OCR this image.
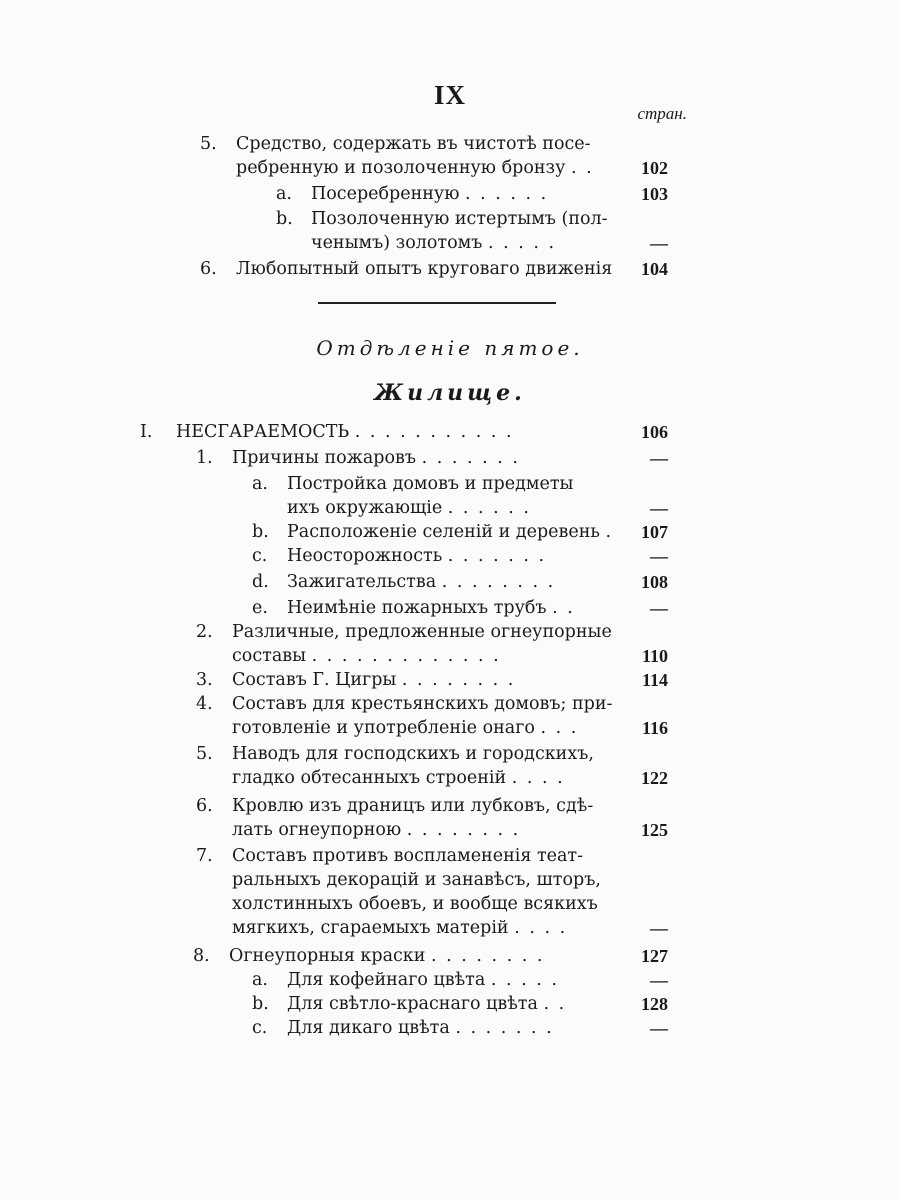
IX
стран.
5. Средство, содержать въ чистотѣ посе-
ребренную и позолоченную бронзу . .	102
a. Посеребренную . . . . . .	103
b. Позолоченную истертымъ (пол-
ченымъ) золотомъ . . . . .	—
6. Любопытный опытъ круговаго движенія 104
Отдѣленіе пятое.
Жилище.
I. НЕСГАРАЕМОСТЬ . . . . . . . . . . .	106
1. Причины пожаровъ . . . . . . .	—
a. Постройка домовъ и предметы
ихъ окружающіе . . . . . .	—
b. Расположеніе селеній и деревень . 107
c. Неосторожность . . . . . . .	—
d. Зажигательства . . . . . . . .	108
e. Неимѣніе пожарныхъ трубъ . .	—
2. Различные, предложенные огнеупорные
составы . . . . . . . . . . . . .	110
3. Составъ Г. Цигры . . . . . . . .	114
4. Составъ для крестьянскихъ домовъ; при-
готовленіе и употребленіе онаго . . .	116
5. Наводъ для господскихъ и городскихъ,
гладко обтесанныхъ строеній . . . .	122
6. Кровлю изъ драницъ или лубковъ, сдѣ-
лать огнеупорною . . . . . . . .	125
7. Составъ противъ воспламененія теат-
ральныхъ декорацій и занавѣсъ, шторъ,
холстинныхъ обоевъ, и вообще всякихъ
мягкихъ, сгараемыхъ матерій . . . .	—
8. Огнеупорныя краски . . . . . . . .	127
a. Для кофейнаго цвѣта . . . . .	—
b. Для свѣтло-краснаго цвѣта . .	128
c. Для дикаго цвѣта . . . . . . .	—
